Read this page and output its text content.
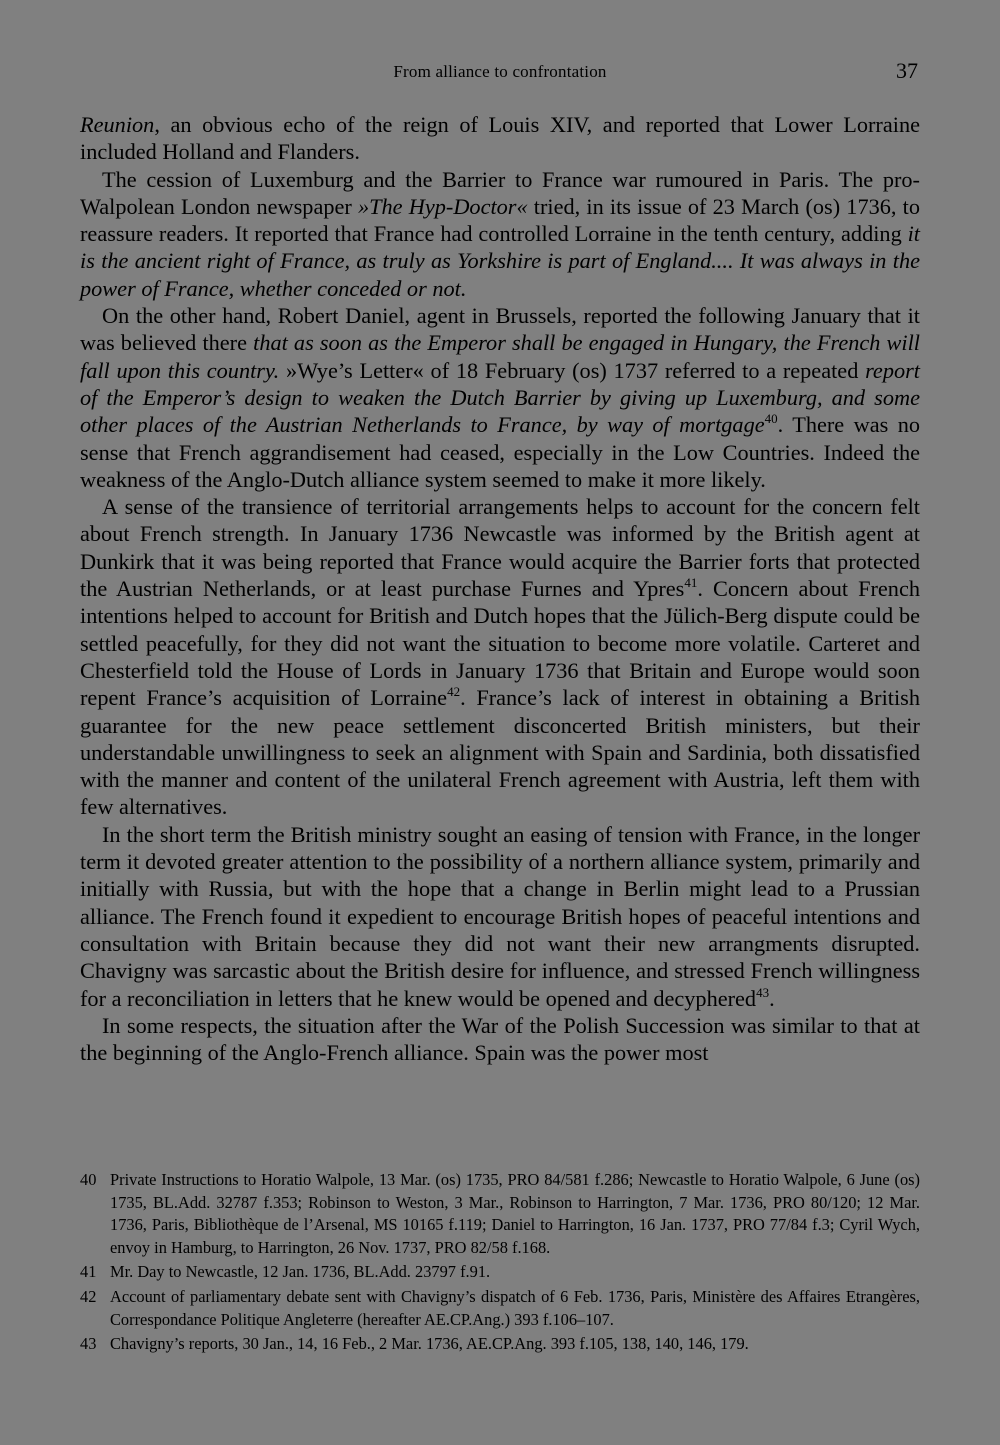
From alliance to confrontation	37

Reunion, an obvious echo of the reign of Louis XIV, and reported that Lower Lorraine included Holland and Flanders.

The cession of Luxemburg and the Barrier to France war rumoured in Paris. The pro-Walpolean London newspaper »The Hyp-Doctor« tried, in its issue of 23 March (os) 1736, to reassure readers. It reported that France had controlled Lorraine in the tenth century, adding it is the ancient right of France, as truly as Yorkshire is part of England.... It was always in the power of France, whether conceded or not.

On the other hand, Robert Daniel, agent in Brussels, reported the following January that it was believed there that as soon as the Emperor shall be engaged in Hungary, the French will fall upon this country. »Wye’s Letter« of 18 February (os) 1737 referred to a repeated report of the Emperor’s design to weaken the Dutch Barrier by giving up Luxemburg, and some other places of the Austrian Netherlands to France, by way of mortgage$^{40}$. There was no sense that French aggrandisement had ceased, especially in the Low Countries. Indeed the weakness of the Anglo-Dutch alliance system seemed to make it more likely.

A sense of the transience of territorial arrangements helps to account for the concern felt about French strength. In January 1736 Newcastle was informed by the British agent at Dunkirk that it was being reported that France would acquire the Barrier forts that protected the Austrian Netherlands, or at least purchase Furnes and Ypres$^{41}$. Concern about French intentions helped to account for British and Dutch hopes that the Jülich-Berg dispute could be settled peacefully, for they did not want the situation to become more volatile. Carteret and Chesterfield told the House of Lords in January 1736 that Britain and Europe would soon repent France’s acquisition of Lorraine$^{42}$. France’s lack of interest in obtaining a British guarantee for the new peace settlement disconcerted British ministers, but their understandable unwillingness to seek an alignment with Spain and Sardinia, both dissatisfied with the manner and content of the unilateral French agreement with Austria, left them with few alternatives.

In the short term the British ministry sought an easing of tension with France, in the longer term it devoted greater attention to the possibility of a northern alliance system, primarily and initially with Russia, but with the hope that a change in Berlin might lead to a Prussian alliance. The French found it expedient to encourage British hopes of peaceful intentions and consultation with Britain because they did not want their new arrangments disrupted. Chavigny was sarcastic about the British desire for influence, and stressed French willingness for a reconciliation in letters that he knew would be opened and decyphered$^{43}$.

In some respects, the situation after the War of the Polish Succession was similar to that at the beginning of the Anglo-French alliance. Spain was the power most

40 Private Instructions to Horatio Walpole, 13 Mar. (os) 1735, PRO 84/581 f.286; Newcastle to Horatio Walpole, 6 June (os) 1735, BL.Add. 32787 f.353; Robinson to Weston, 3 Mar., Robinson to Harrington, 7 Mar. 1736, PRO 80/120; 12 Mar. 1736, Paris, Bibliothèque de l’Arsenal, MS 10165 f.119; Daniel to Harrington, 16 Jan. 1737, PRO 77/84 f.3; Cyril Wych, envoy in Hamburg, to Harrington, 26 Nov. 1737, PRO 82/58 f.168.
41 Mr. Day to Newcastle, 12 Jan. 1736, BL.Add. 23797 f.91.
42 Account of parliamentary debate sent with Chavigny’s dispatch of 6 Feb. 1736, Paris, Ministère des Affaires Etrangères, Correspondance Politique Angleterre (hereafter AE.CP.Ang.) 393 f.106–107.
43 Chavigny’s reports, 30 Jan., 14, 16 Feb., 2 Mar. 1736, AE.CP.Ang. 393 f.105, 138, 140, 146, 179.
